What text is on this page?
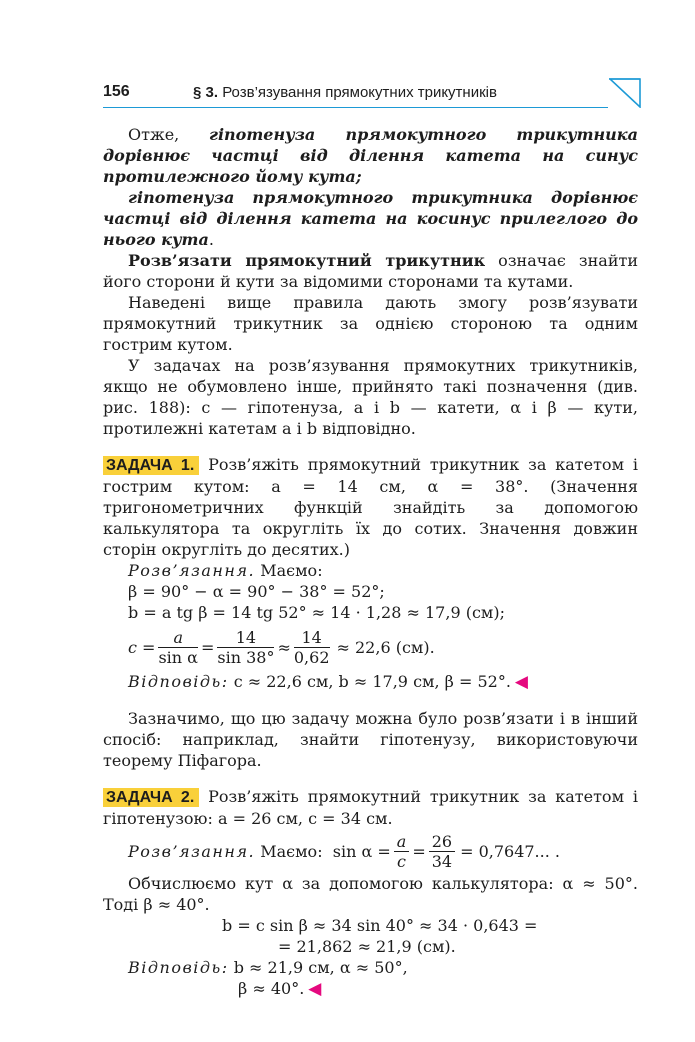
156	§ 3. Розв’язування прямокутних трикутників

Отже, гіпотенуза прямокутного трикутника дорівнює частці від ділення катета на синус протилежного йому кута;

гіпотенуза прямокутного трикутника дорівнює частці від ділення катета на косинус прилеглого до нього кута.

Розв’язати прямокутний трикутник означає знайти його сторони й кути за відомими сторонами та кутами.

Наведені вище правила дають змогу розв’язувати прямокутний трикутник за однією стороною та одним гострим кутом.

У задачах на розв’язування прямокутних трикутників, якщо не обумовлено інше, прийнято такі позначення (див. рис. 188): c — гіпотенуза, a і b — катети, α і β — кути, протилежні катетам a і b відповідно.

ЗАДАЧА 1. Розв’яжіть прямокутний трикутник за катетом і гострим кутом: a = 14 см, α = 38°. (Значення тригонометричних функцій знайдіть за допомогою калькулятора та округліть їх до сотих. Значення довжин сторін округліть до десятих.)

Розв’язання. Маємо:

β = 90° − α = 90° − 38° = 52°;

b = a tg β = 14 tg 52° ≈ 14 · 1,28 ≈ 17,9 (см);

$c = \frac{a}{\text{sin α}} = \frac{14}{\sin 38^\circ} \approx \frac{14}{0,62} \approx 22,6$ (см).

Відповідь: c ≈ 22,6 см, b ≈ 17,9 см, β = 52°. ◀

Зазначимо, що цю задачу можна було розв’язати і в інший спосіб: наприклад, знайти гіпотенузу, використовуючи теорему Піфагора.

ЗАДАЧА 2. Розв’яжіть прямокутний трикутник за катетом і гіпотенузою: a = 26 см, c = 34 см.

Розв’язання. Маємо:  $\sin \alpha = \frac{a}{c} = \frac{26}{34} = 0,7647$... .

Обчислюємо кут α за допомогою калькулятора: α ≈ 50°. Тоді β ≈ 40°.

b = c sin β ≈ 34 sin 40° ≈ 34 · 0,643 =

= 21,862 ≈ 21,9 (см).

Відповідь: b ≈ 21,9 см, α ≈ 50°,

β ≈ 40°. ◀
